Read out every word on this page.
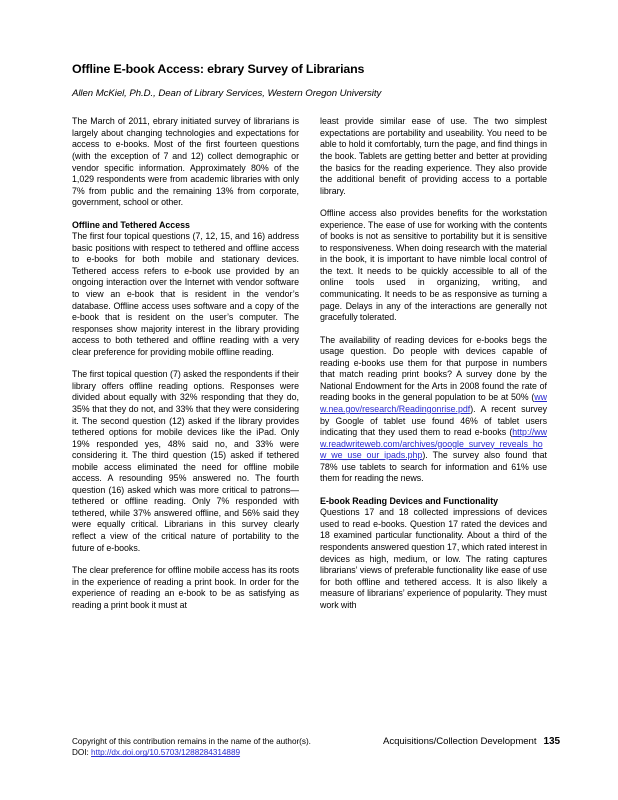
Offline E-book Access: ebrary Survey of Librarians
Allen McKiel, Ph.D., Dean of Library Services, Western Oregon University

The March of 2011, ebrary initiated survey of librarians is largely about changing technologies and expectations for access to e-books. Most of the first fourteen questions (with the exception of 7 and 12) collect demographic or vendor specific information. Approximately 80% of the 1,029 respondents were from academic libraries with only 7% from public and the remaining 13% from corporate, government, school or other.

Offline and Tethered Access

The first four topical questions (7, 12, 15, and 16) address basic positions with respect to tethered and offline access to e-books for both mobile and stationary devices. Tethered access refers to e-book use provided by an ongoing interaction over the Internet with vendor software to view an e-book that is resident in the vendor’s database. Offline access uses software and a copy of the e-book that is resident on the user’s computer. The responses show majority interest in the library providing access to both tethered and offline reading with a very clear preference for providing mobile offline reading.

The first topical question (7) asked the respondents if their library offers offline reading options. Responses were divided about equally with 32% responding that they do, 35% that they do not, and 33% that they were considering it. The second question (12) asked if the library provides tethered options for mobile devices like the iPad. Only 19% responded yes, 48% said no, and 33% were considering it. The third question (15) asked if tethered mobile access eliminated the need for offline mobile access. A resounding 95% answered no. The fourth question (16) asked which was more critical to patrons—tethered or offline reading. Only 7% responded with tethered, while 37% answered offline, and 56% said they were equally critical. Librarians in this survey clearly reflect a view of the critical nature of portability to the future of e-books.

The clear preference for offline mobile access has its roots in the experience of reading a print book. In order for the experience of reading an e-book to be as satisfying as reading a print book it must at

least provide similar ease of use. The two simplest expectations are portability and useability. You need to be able to hold it comfortably, turn the page, and find things in the book. Tablets are getting better and better at providing the basics for the reading experience. They also provide the additional benefit of providing access to a portable library.

Offline access also provides benefits for the workstation experience. The ease of use for working with the contents of books is not as sensitive to portability but it is sensitive to responsiveness. When doing research with the material in the book, it is important to have nimble local control of the text. It needs to be quickly accessible to all of the online tools used in organizing, writing, and communicating. It needs to be as responsive as turning a page. Delays in any of the interactions are generally not gracefully tolerated.

The availability of reading devices for e-books begs the usage question. Do people with devices capable of reading e-books use them for that purpose in numbers that match reading print books? A survey done by the National Endowment for the Arts in 2008 found the rate of reading books in the general population to be at 50% (www.nea.gov/research/Readingonrise.pdf). A recent survey by Google of tablet use found 46% of tablet users indicating that they used them to read e-books (http://www.readwriteweb.com/archives/google_survey_reveals_how_we_use_our_ipads.php). The survey also found that 78% use tablets to search for information and 61% use them for reading the news.

E-book Reading Devices and Functionality

Questions 17 and 18 collected impressions of devices used to read e-books. Question 17 rated the devices and 18 examined particular functionality. About a third of the respondents answered question 17, which rated interest in devices as high, medium, or low. The rating captures librarians’ views of preferable functionality like ease of use for both offline and tethered access. It is also likely a measure of librarians’ experience of popularity. They must work with

Copyright of this contribution remains in the name of the author(s).
DOI: http://dx.doi.org/10.5703/1288284314889
Acquisitions/Collection Development 135
